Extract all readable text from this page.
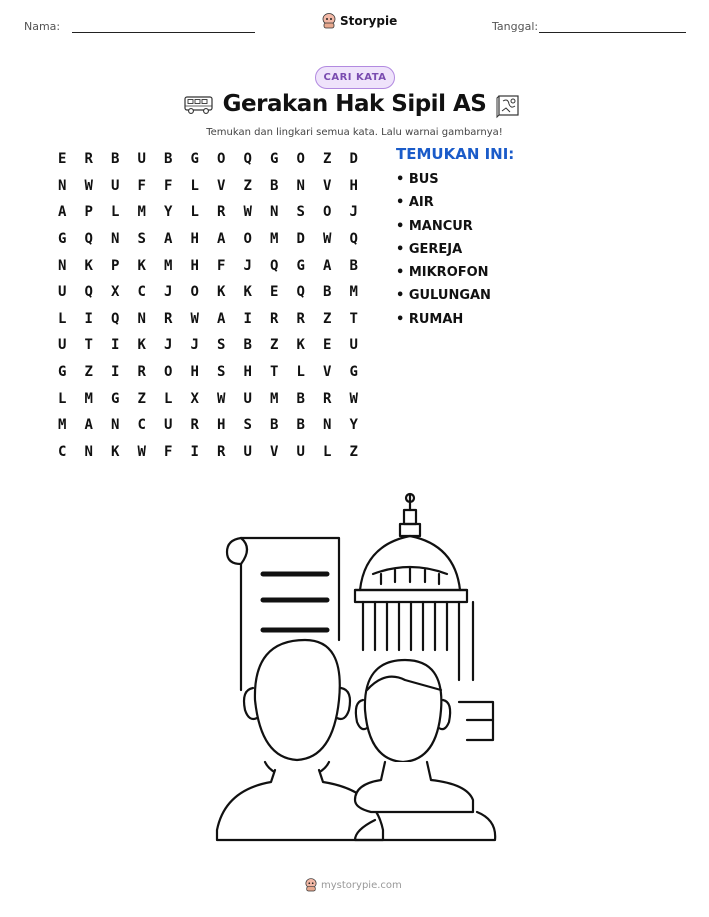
Nama:	Storypie	Tanggal:
CARI KATA
Gerakan Hak Sipil AS
Temukan dan lingkari semua kata. Lalu warnai gambarnya!
E	R	B	U	B	G	O	Q	G	O	Z	D
N	W	U	F	F	L	V	Z	B	N	V	H
A	P	L	M	Y	L	R	W	N	S	O	J
G	Q	N	S	A	H	A	O	M	D	W	Q
N	K	P	K	M	H	F	J	Q	G	A	B
U	Q	X	C	J	O	K	K	E	Q	B	M
L	I	Q	N	R	W	A	I	R	R	Z	T
U	T	I	K	J	J	S	B	Z	K	E	U
G	Z	I	R	O	H	S	H	T	L	V	G
L	M	G	Z	L	X	W	U	M	B	R	W
M	A	N	C	U	R	H	S	B	B	N	Y
C	N	K	W	F	I	R	U	V	U	L	Z
TEMUKAN INI:
• BUS
• AIR
• MANCUR
• GEREJA
• MIKROFON
• GULUNGAN
• RUMAH
mystorypie.com
